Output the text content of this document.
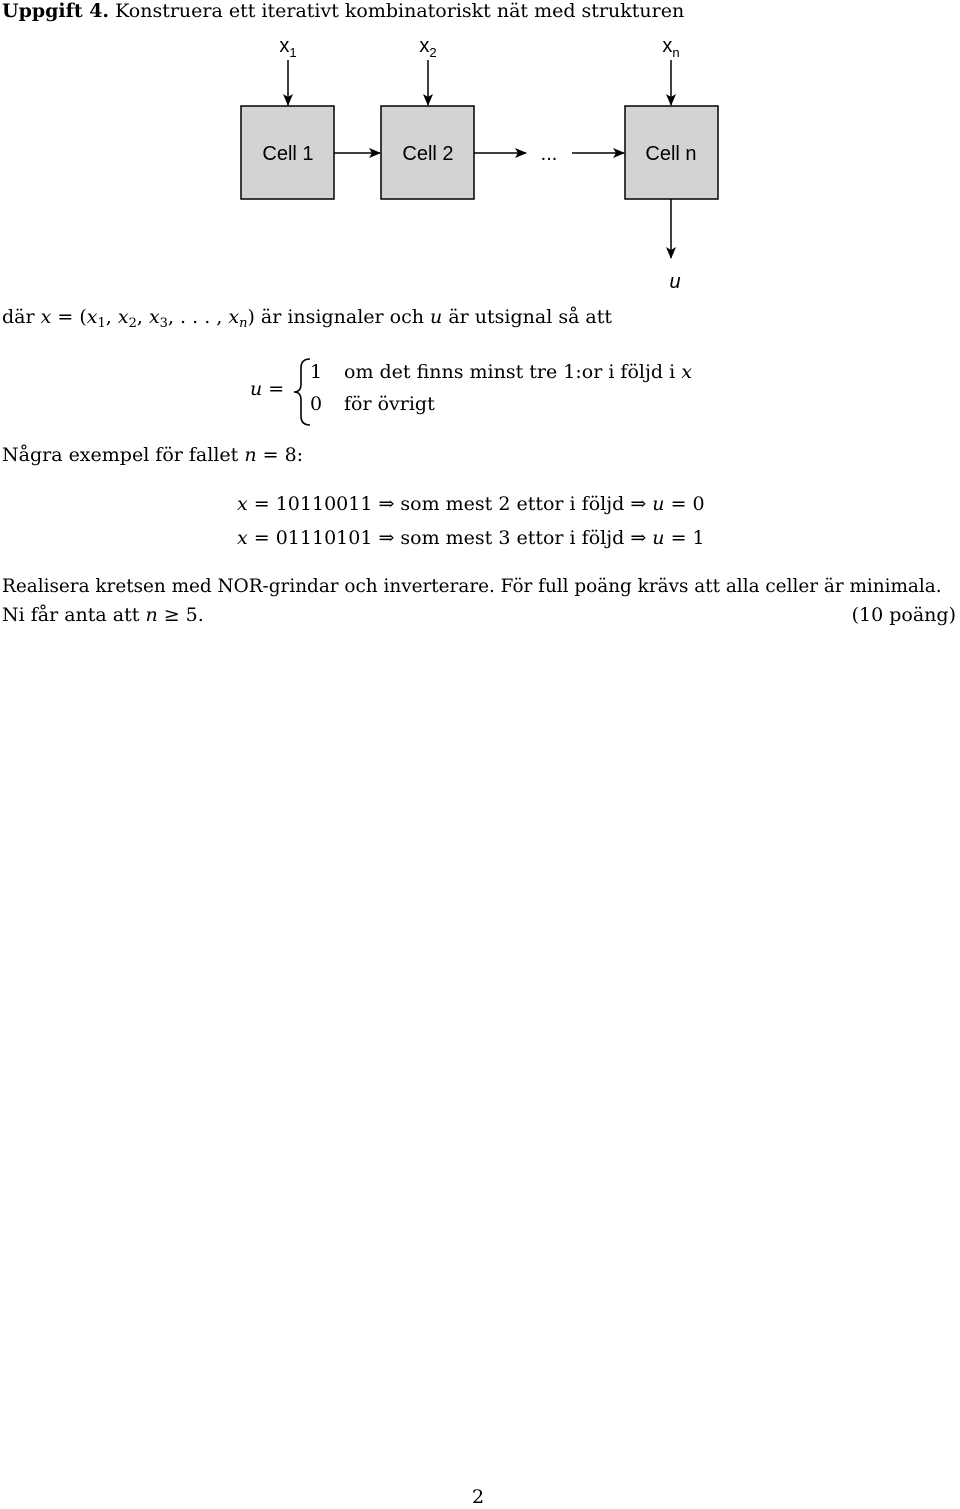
Uppgift 4. Konstruera ett iterativt kombinatoriskt nät med strukturen
$x_1$	$x_2$	$x_n$
Cell 1	Cell 2	Cell n
...
u
där $x = (x_1$, $x_2$, $x_3$, . . . , $x_n$) är insignaler och u är utsignal så att
u =
1 om det finns minst tre 1:or i följd i x
0 för övrigt
Några exempel för fallet n = 8:
x = 10110011 ⇒ som mest 2 ettor i följd ⇒ u = 0
x = 01110101 ⇒ som mest 3 ettor i följd ⇒ u = 1
Realisera kretsen med NOR-grindar och inverterare. För full poäng krävs att alla celler är minimala.
Ni får anta att n ≥ 5.	(10 poäng)
2
